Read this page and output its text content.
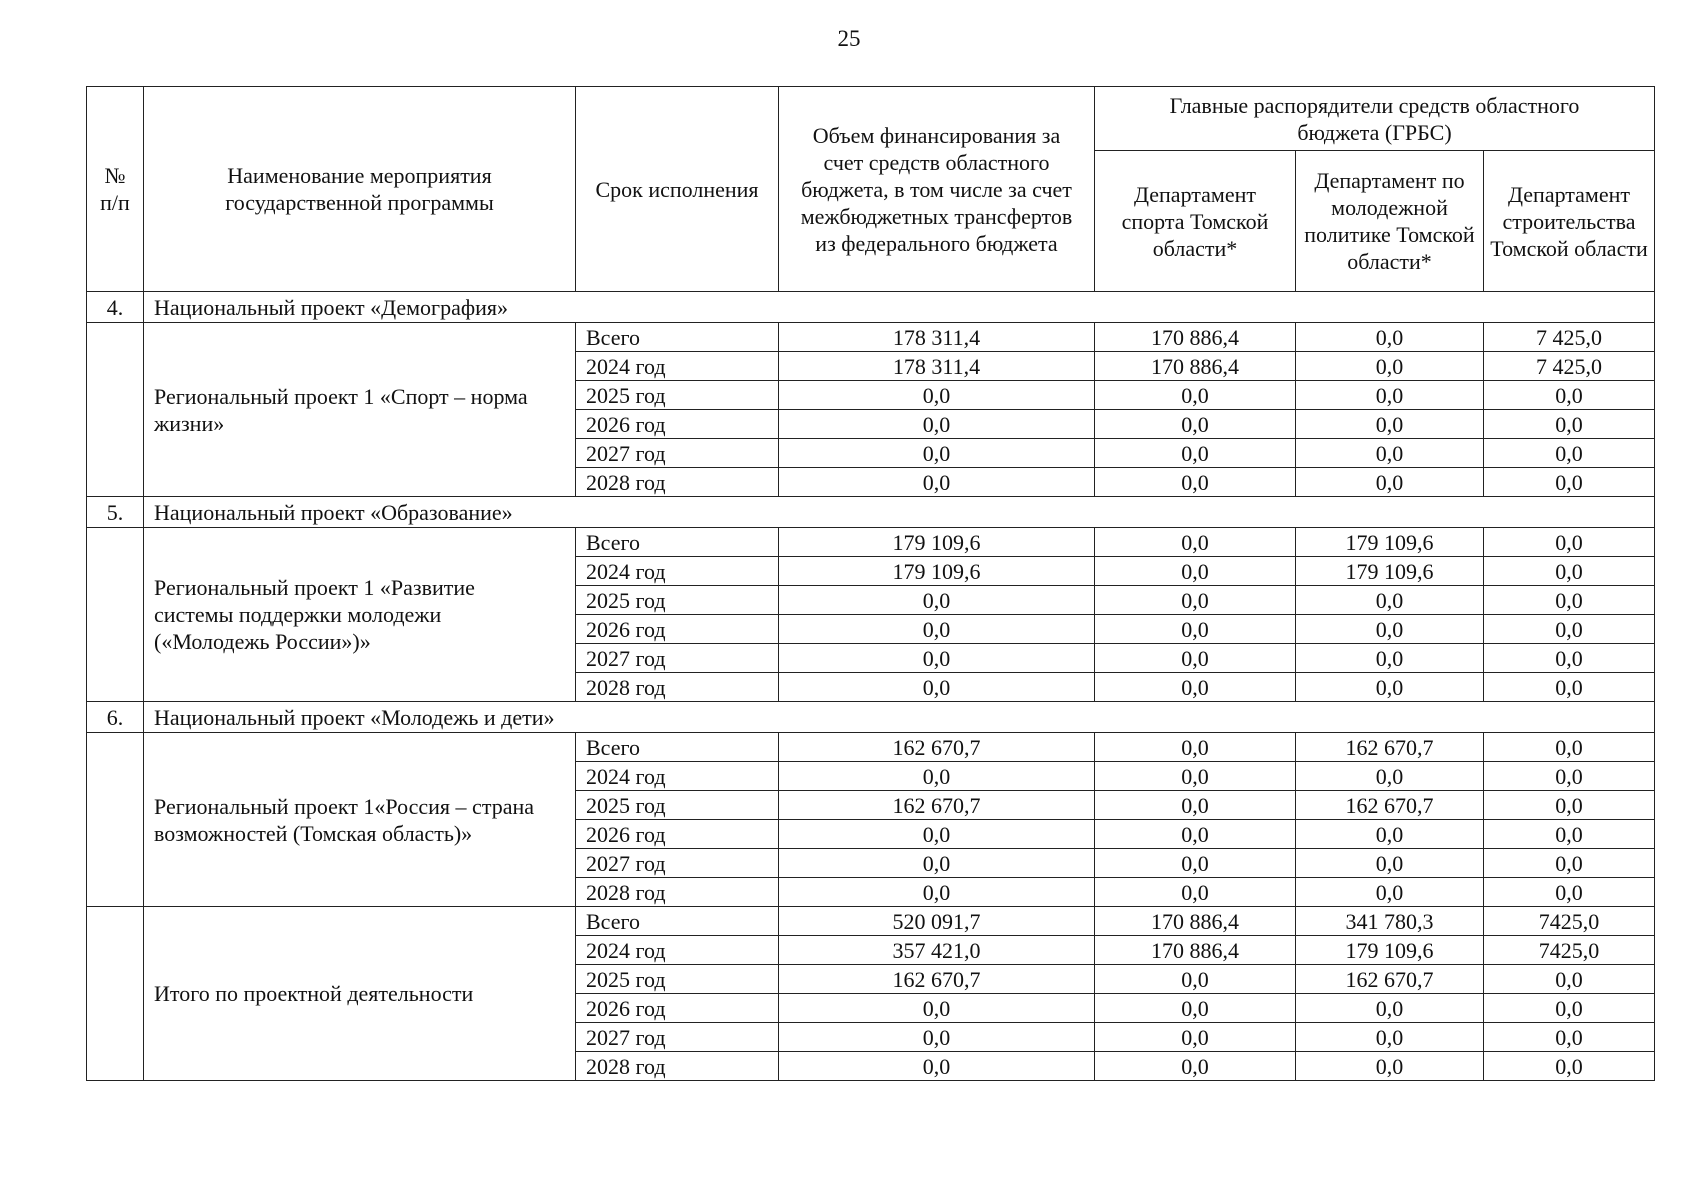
25
№ п/п	Наименование мероприятия государственной программы	Срок исполнения	Объем финансирования за счет средств областного бюджета, в том числе за счет межбюджетных трансфертов из федерального бюджета	Главные распорядители средств областного бюджета (ГРБС)		
				Департамент спорта Томской области*	Департамент по молодежной политике Томской области*	Департамент строительства Томской области
4.	Национальный проект «Демография»					
	Региональный проект 1 «Спорт – норма жизни»	Всего	178 311,4	170 886,4	0,0	7 425,0
		2024 год	178 311,4	170 886,4	0,0	7 425,0
		2025 год	0,0	0,0	0,0	0,0
		2026 год	0,0	0,0	0,0	0,0
		2027 год	0,0	0,0	0,0	0,0
		2028 год	0,0	0,0	0,0	0,0
5.	Национальный проект «Образование»					
	Региональный проект 1 «Развитие системы поддержки молодежи («Молодежь России»)»	Всего	179 109,6	0,0	179 109,6	0,0
		2024 год	179 109,6	0,0	179 109,6	0,0
		2025 год	0,0	0,0	0,0	0,0
		2026 год	0,0	0,0	0,0	0,0
		2027 год	0,0	0,0	0,0	0,0
		2028 год	0,0	0,0	0,0	0,0
6.	Национальный проект «Молодежь и дети»					
	Региональный проект 1«Россия – страна возможностей (Томская область)»	Всего	162 670,7	0,0	162 670,7	0,0
		2024 год	0,0	0,0	0,0	0,0
		2025 год	162 670,7	0,0	162 670,7	0,0
		2026 год	0,0	0,0	0,0	0,0
		2027 год	0,0	0,0	0,0	0,0
		2028 год	0,0	0,0	0,0	0,0
	Итого по проектной деятельности	Всего	520 091,7	170 886,4	341 780,3	7425,0
		2024 год	357 421,0	170 886,4	179 109,6	7425,0
		2025 год	162 670,7	0,0	162 670,7	0,0
		2026 год	0,0	0,0	0,0	0,0
		2027 год	0,0	0,0	0,0	0,0
		2028 год	0,0	0,0	0,0	0,0
